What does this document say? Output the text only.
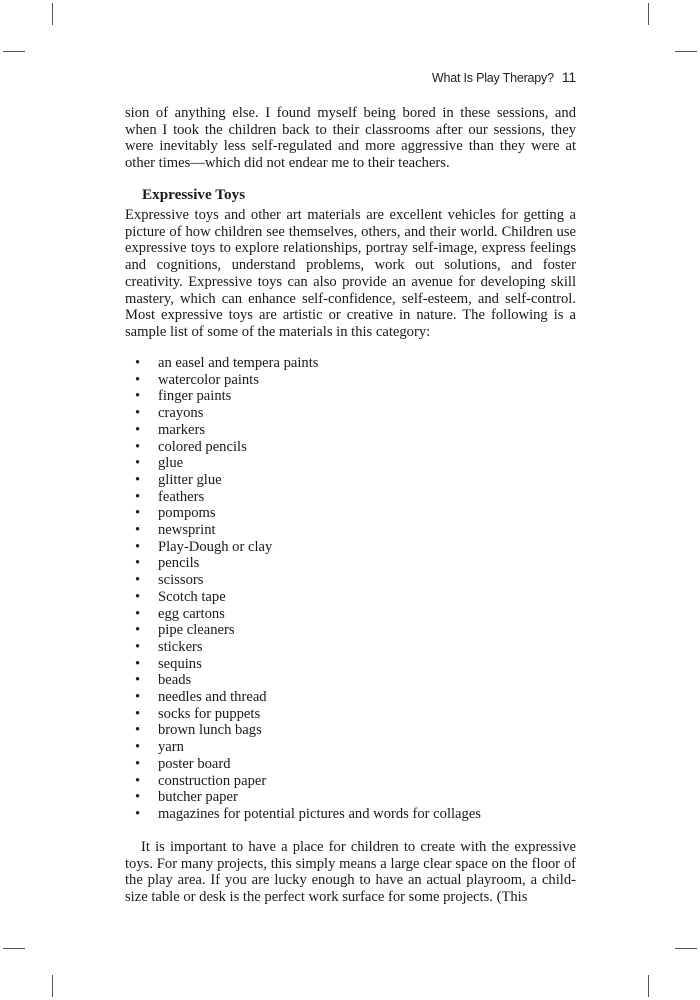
What Is Play Therapy? 11

sion of anything else. I found myself being bored in these sessions, and when I took the children back to their classrooms after our sessions, they were inevitably less self-regulated and more aggressive than they were at other times—which did not endear me to their teachers.

Expressive Toys

Expressive toys and other art materials are excellent vehicles for getting a picture of how children see themselves, others, and their world. Children use expressive toys to explore relationships, portray self-image, express feelings and cognitions, understand problems, work out solutions, and foster creativity. Expressive toys can also provide an avenue for developing skill mastery, which can enhance self-confidence, self-esteem, and self-control. Most expressive toys are artistic or creative in nature. The following is a sample list of some of the materials in this category:

• an easel and tempera paints
• watercolor paints
• finger paints
• crayons
• markers
• colored pencils
• glue
• glitter glue
• feathers
• pompoms
• newsprint
• Play-Dough or clay
• pencils
• scissors
• Scotch tape
• egg cartons
• pipe cleaners
• stickers
• sequins
• beads
• needles and thread
• socks for puppets
• brown lunch bags
• yarn
• poster board
• construction paper
• butcher paper
• magazines for potential pictures and words for collages

It is important to have a place for children to create with the expressive toys. For many projects, this simply means a large clear space on the floor of the play area. If you are lucky enough to have an actual playroom, a child-size table or desk is the perfect work surface for some projects. (This
